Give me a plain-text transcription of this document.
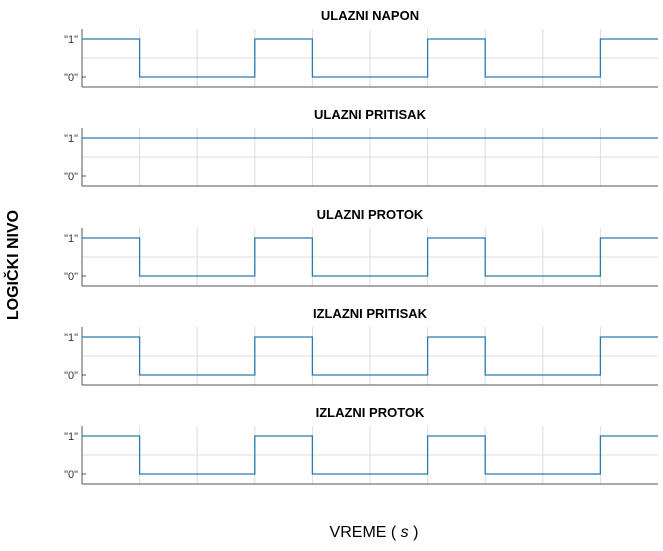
ULAZNI NAPON
"1"
"0"
ULAZNI PRITISAK
"1"
"0"
ULAZNI PROTOK
"1"
"0"
IZLAZNI PRITISAK
"1"
"0"
IZLAZNI PROTOK
"1"
"0"
LOGIČKI NIVO
VREME ( s )
